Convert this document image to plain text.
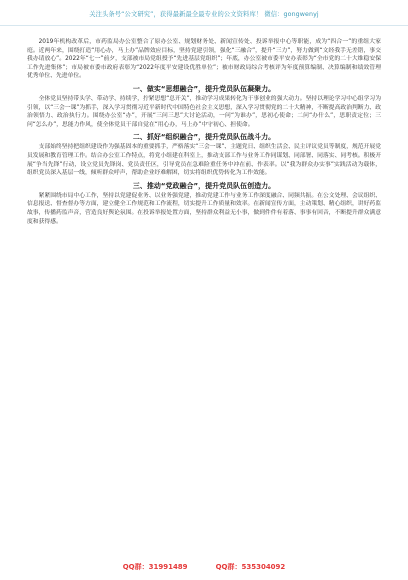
关注头条号“公文研究”，获得最新最全最专业的公文资料库！ 微信：gongwenyj

2019年机构改革后，市药监局办公室整合了原办公室、规划财务处、新闻宣传处、投诉举报中心等职能，成为“四合一”的重组大家庭。近两年来，围绕打造“用心办，马上办”品牌效应目标，坚持党建引领，强化“三融合”，提升“三力”，努力做到“文经我手无差错，事交我办请放心”。2022年“七一”前夕，支部被市局党组授予“先进基层党组织”；年底，办公室被市委平安办表彰为“全市党的二十大维稳安保工作先进集体”；市局被市委市政府表彰为“2022年度平安建设优胜单位”；被市财政局综合考核评为年度预算编制、决算编制和绩效管理优秀单位、先进单位。

一、做实“思想融合”，提升党员队伍凝聚力。

全体党员坚持带头学、带动学、持续学，拧紧思想“总开关”，推动学习成果转化为干事创业的强大动力。坚持以理论学习中心组学习为引领，以“三会一课”为抓手，深入学习贯彻习近平新时代中国特色社会主义思想，深入学习贯彻党的二十大精神，不断提高政治判断力、政治领悟力、政治执行力。围绕办公室“办”，开展“三问三思”大讨论活动，一问“为谁办”，思初心使命；二问“办什么”，思职责定位；三问“怎么办”，思能力作风，使全体党员干部自觉在“用心办，马上办”中守初心、担使命。

二、抓好“组织融合”，提升党员队伍战斗力。

支部始终坚持把组织建设作为强基固本的重要抓手，严格落实“三会一课”、主题党日、组织生活会、民主评议党员等制度，规范开展党员发展和教育管理工作。结合办公室工作特点，将党小组建在科室上，推动支部工作与业务工作同谋划、同部署、同落实、同考核。积极开展“争当先锋”行动，设立党员先锋岗、党员责任区，引导党员在急难险重任务中冲在前、作表率。以“我为群众办实事”实践活动为载体，组织党员深入基层一线，倾听群众呼声，帮助企业纾难解困，切实将组织优势转化为工作效能。

三、推动“党政融合”，提升党员队伍创造力。

紧紧围绕市局中心工作，坚持以党建促业务、以业务强党建，推动党建工作与业务工作深度融合、同频共振。在公文处理、会议组织、信息报送、督查督办等方面，建立健全工作规范和工作流程，切实提升工作质量和效率。在新闻宣传方面，主动策划、精心组织，讲好药监故事，传播药监声音，营造良好舆论氛围。在投诉举报处置方面，坚持群众利益无小事，做到件件有着落、事事有回音，不断提升群众满意度和获得感。

QQ群：31991489	QQ群：535304092
